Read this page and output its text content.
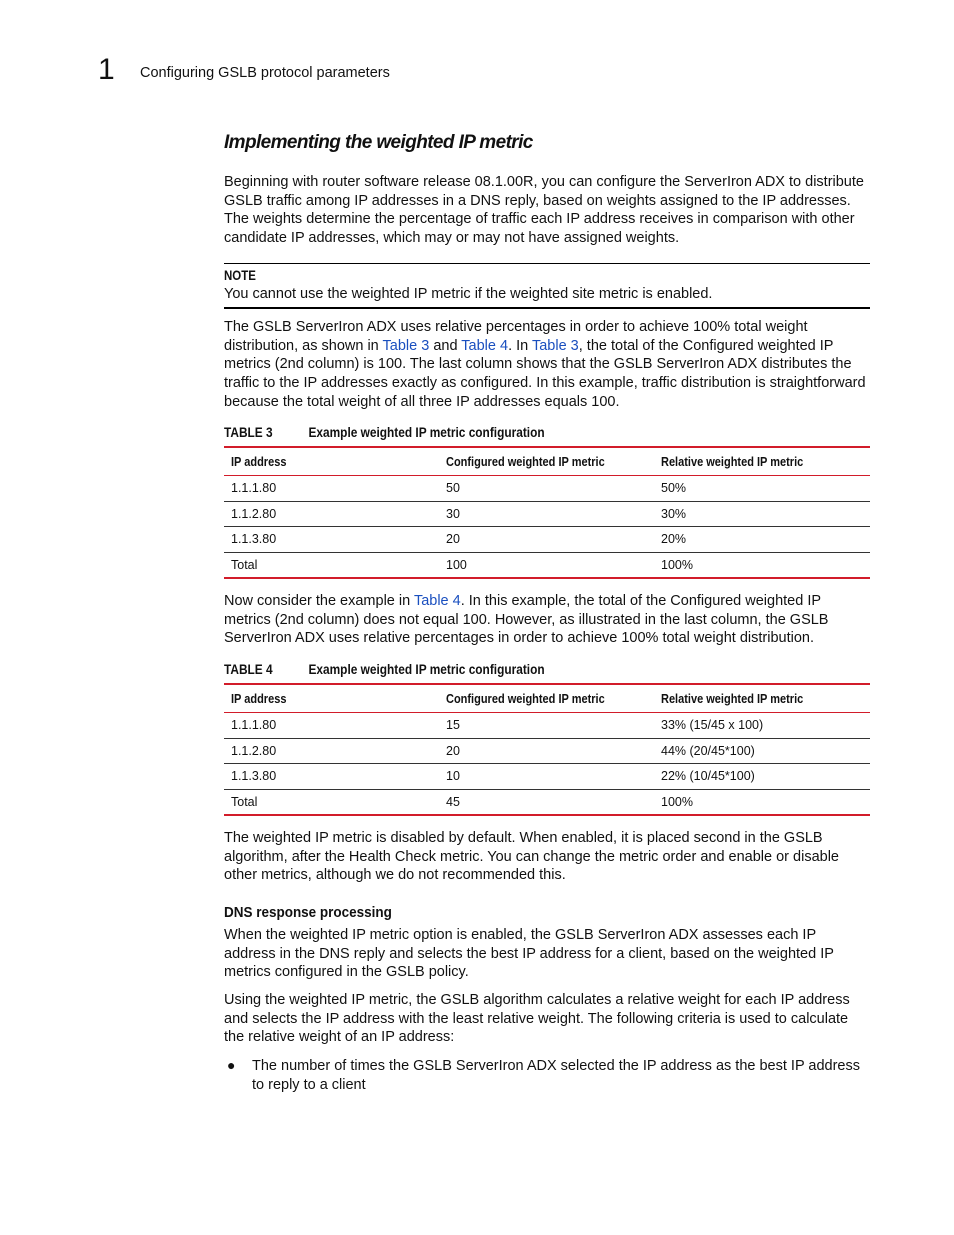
1 Configuring GSLB protocol parameters
Implementing the weighted IP metric

Beginning with router software release 08.1.00R, you can configure the ServerIron ADX to distribute GSLB traffic among IP addresses in a DNS reply, based on weights assigned to the IP addresses. The weights determine the percentage of traffic each IP address receives in comparison with other candidate IP addresses, which may or may not have assigned weights.

NOTE
You cannot use the weighted IP metric if the weighted site metric is enabled.

The GSLB ServerIron ADX uses relative percentages in order to achieve 100% total weight distribution, as shown in Table 3 and Table 4. In Table 3, the total of the Configured weighted IP metrics (2nd column) is 100. The last column shows that the GSLB ServerIron ADX distributes the traffic to the IP addresses exactly as configured. In this example, traffic distribution is straightforward because the total weight of all three IP addresses equals 100.

TABLE 3	Example weighted IP metric configuration
IP address	Configured weighted IP metric	Relative weighted IP metric
1.1.1.80	50	50%
1.1.2.80	30	30%
1.1.3.80	20	20%
Total	100	100%

Now consider the example in Table 4. In this example, the total of the Configured weighted IP metrics (2nd column) does not equal 100. However, as illustrated in the last column, the GSLB ServerIron ADX uses relative percentages in order to achieve 100% total weight distribution.

TABLE 4	Example weighted IP metric configuration
IP address	Configured weighted IP metric	Relative weighted IP metric
1.1.1.80	15	33% (15/45 x 100)
1.1.2.80	20	44% (20/45*100)
1.1.3.80	10	22% (10/45*100)
Total	45	100%

The weighted IP metric is disabled by default. When enabled, it is placed second in the GSLB algorithm, after the Health Check metric. You can change the metric order and enable or disable other metrics, although we do not recommended this.

DNS response processing

When the weighted IP metric option is enabled, the GSLB ServerIron ADX assesses each IP address in the DNS reply and selects the best IP address for a client, based on the weighted IP metrics configured in the GSLB policy.

Using the weighted IP metric, the GSLB algorithm calculates a relative weight for each IP address and selects the IP address with the least relative weight. The following criteria is used to calculate the relative weight of an IP address:

● The number of times the GSLB ServerIron ADX selected the IP address as the best IP address to reply to a client
